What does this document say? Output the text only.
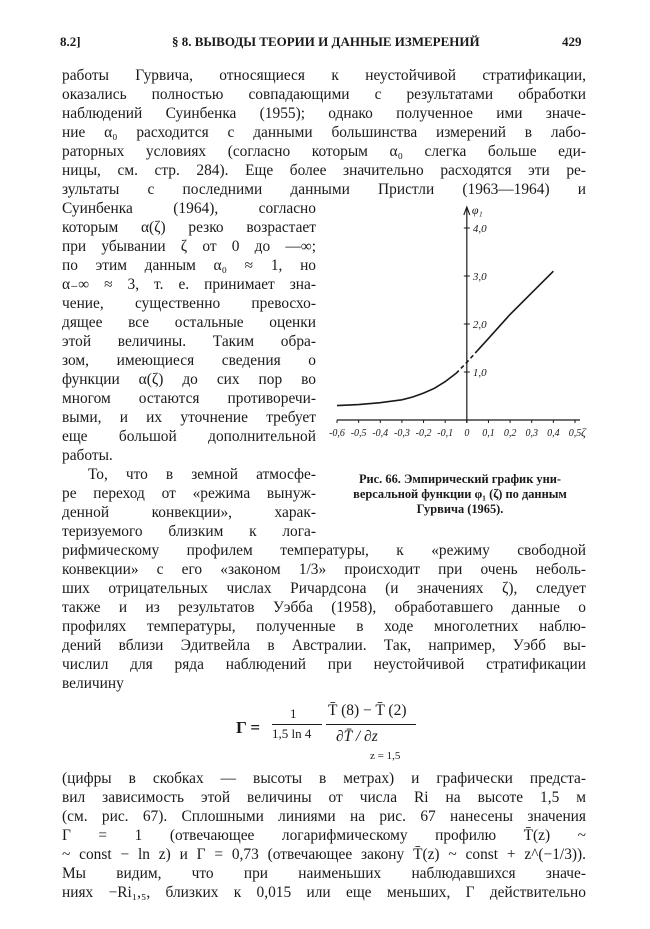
8.2]	§ 8. ВЫВОДЫ ТЕОРИИ И ДАННЫЕ ИЗМЕРЕНИЙ	429

работы Гурвича, относящиеся к неустойчивой стратификации,

оказались полностью совпадающими с результатами обработки

наблюдений Суинбенка (1955); однако полученное ими значе-

ние α₀ расходится с данными большинства измерений в лабо-

раторных условиях (согласно которым α₀ слегка больше еди-

ницы, см. стр. 284). Еще более значительно расходятся эти ре-

зультаты с последними данными Пристли (1963—1964) и

Суинбенка (1964), согласно

которым α(ζ) резко возрастает

при убывании ζ от 0 до —∞;

по этим данным α₀ ≈ 1, но

α₋∞ ≈ 3, т. е. принимает зна-

чение, существенно превосхо-

дящее все остальные оценки

этой величины. Таким обра-

зом, имеющиеся сведения о

функции α(ζ) до сих пор во

многом остаются противоречи-

выми, и их уточнение требует

еще большой дополнительной

работы.

То, что в земной атмосфе-

ре переход от «режима вынуж-

денной конвекции», харак-

теризуемого близким к лога-

φ₁
-0,6 -0,5 -0,4 -0,3 -0,2 -0,1 0 0,1 0,2 0,3 0,4 0,5 ζ
1,0
2,0
3,0
4,0

Рис. 66. Эмпирический график уни-

версальной функции φ₁ (ζ) по данным

Гурвича (1965).

рифмическому профилем температуры, к «режиму свободной

конвекции» с его «законом 1/3» происходит при очень неболь-

ших отрицательных числах Ричардсона (и значениях ζ), следует

также и из результатов Уэбба (1958), обработавшего данные о

профилях температуры, полученные в ходе многолетних наблю-

дений вблизи Эдитвейла в Австралии. Так, например, Уэбб вы-

числил для ряда наблюдений при неустойчивой стратификации

величину

Γ =
1
1,5 ln 4
T̄ (8) − T̄ (2)
∂T̄ / ∂z
z = 1,5

(цифры в скобках — высоты в метрах) и графически предста-

вил зависимость этой величины от числа Ri на высоте 1,5 м

(см. рис. 67). Сплошными линиями на рис. 67 нанесены значения

Γ = 1 (отвечающее логарифмическому профилю T̄(z) ~

~ const − ln z) и Γ = 0,73 (отвечающее закону T̄(z) ~ const + z^(−1/3)).

Мы видим, что при наименьших наблюдавшихся значе-

ниях −Ri₁,₅, близких к 0,015 или еще меньших, Γ действительно
